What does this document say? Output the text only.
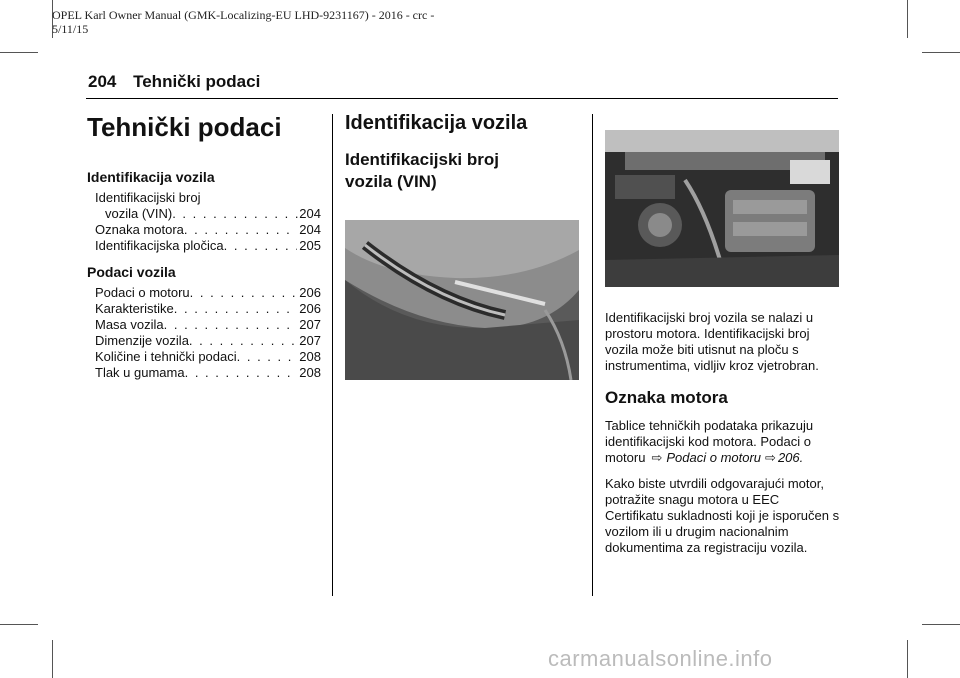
OPEL Karl Owner Manual (GMK-Localizing-EU LHD-9231167) - 2016 - crc -
5/11/15
204 Tehnički podaci
Tehnički podaci
Identifikacija vozila
Identifikacijski broj
vozila (VIN) . . .	204
Oznaka motora . . .	204
Identifikacijska pločica . . .	205
Podaci vozila
Podaci o motoru . . .	206
Karakteristike . . .	206
Masa vozila . . .	207
Dimenzije vozila . . .	207
Količine i tehnički podaci . . .	208
Tlak u gumama . . .	208
Identifikacija vozila
Identifikacijski broj
vozila (VIN)

Identifikacijski broj vozila se nalazi u prostoru motora. Identifikacijski broj vozila može biti utisnut na ploču s instrumentima, vidljiv kroz vjetrobran.

Oznaka motora

Tablice tehničkih podataka prikazuju identifikacijski kod motora. Podaci o motoru ⇨ Podaci o motoru ⇨ 206.

Kako biste utvrdili odgovarajući motor, potražite snagu motora u EEC Certifikatu sukladnosti koji je isporučen s vozilom ili u drugim nacionalnim dokumentima za registraciju vozila.

carmanualsonline.info
